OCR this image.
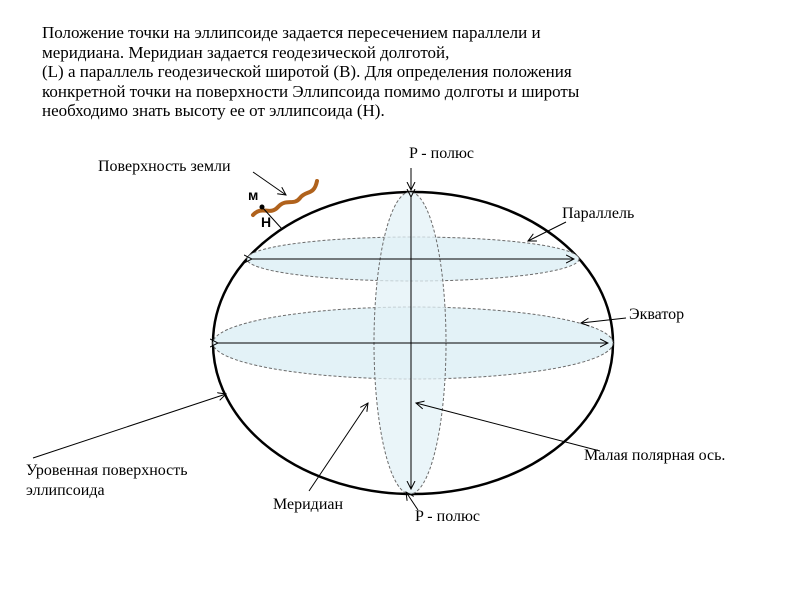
Положение точки на эллипсоиде задается пересечением параллели и
меридиана. Меридиан задается геодезической долготой,
(L) а параллель геодезической широтой (B). Для определения положения
конкретной точки на поверхности Эллипсоида помимо долготы и широты
необходимо знать высоту ее от эллипсоида (H).

Поверхность земли
м
Н
P - полюс
Параллель
Экватор
Уровенная поверхность
эллипсоида
Меридиан
P - полюс
Малая полярная ось.
